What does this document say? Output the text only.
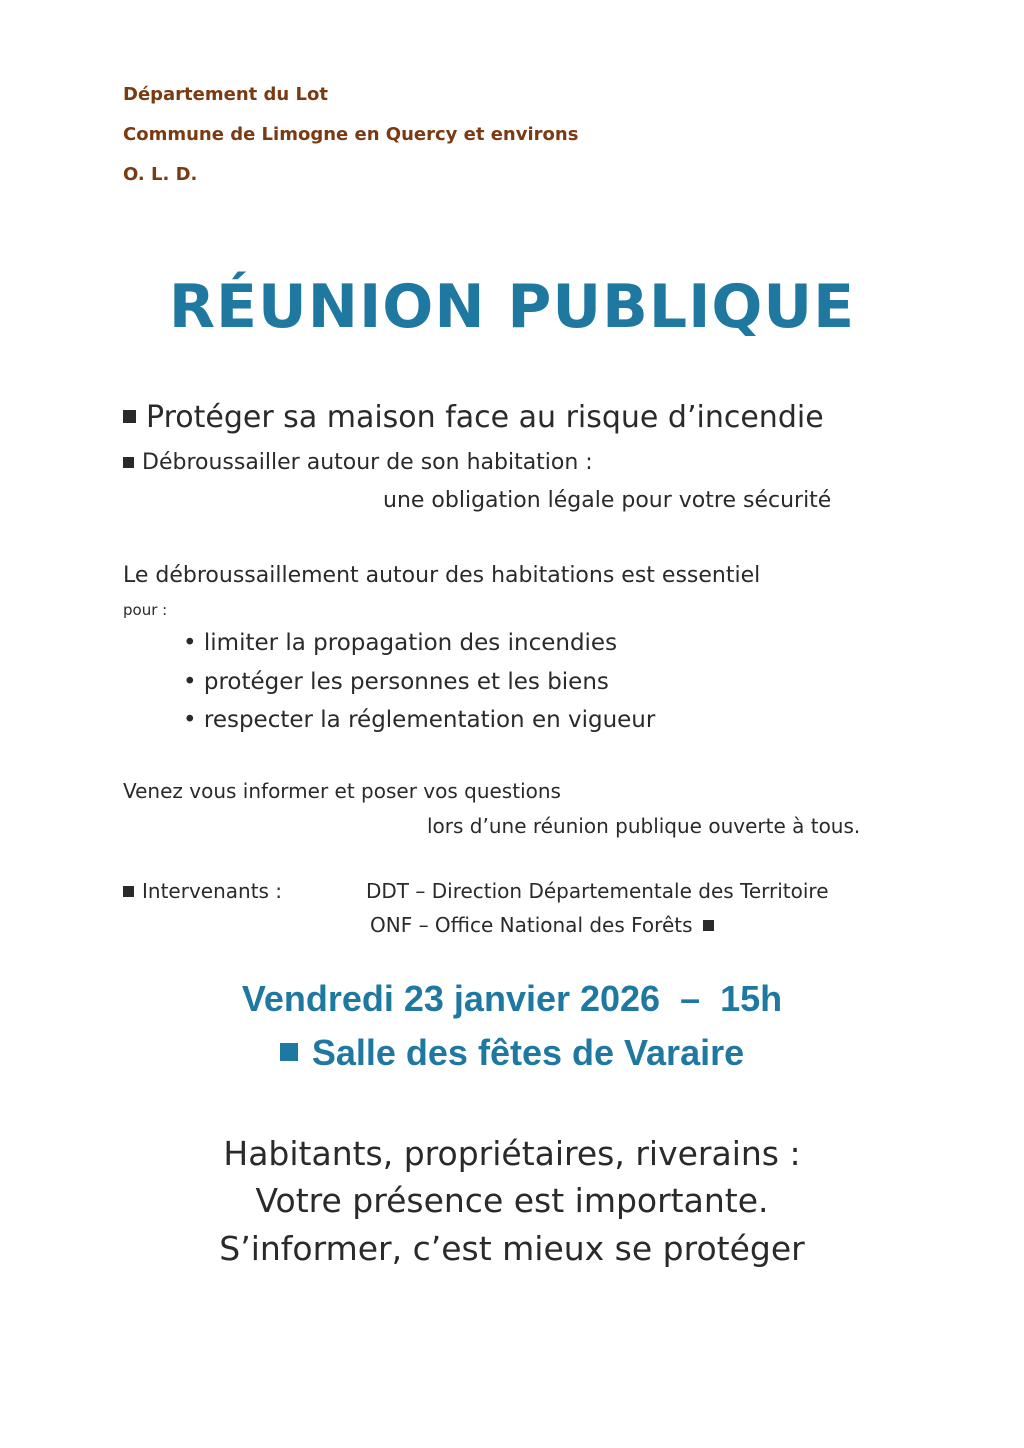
Département du Lot
Commune de Limogne en Quercy et environs
O. L. D.
RÉUNION PUBLIQUE
Protéger sa maison face au risque d’incendie
Débroussailler autour de son habitation :
une obligation légale pour votre sécurité
Le débroussaillement autour des habitations est essentiel
pour :
• limiter la propagation des incendies
• protéger les personnes et les biens
• respecter la réglementation en vigueur
Venez vous informer et poser vos questions
lors d’une réunion publique ouverte à tous.
Intervenants :	DDT – Direction Départementale des Territoire
ONF – Office National des Forêts
Vendredi 23 janvier 2026  –  15h
Salle des fêtes de Varaire
Habitants, propriétaires, riverains :
Votre présence est importante.
S’informer, c’est mieux se protéger
